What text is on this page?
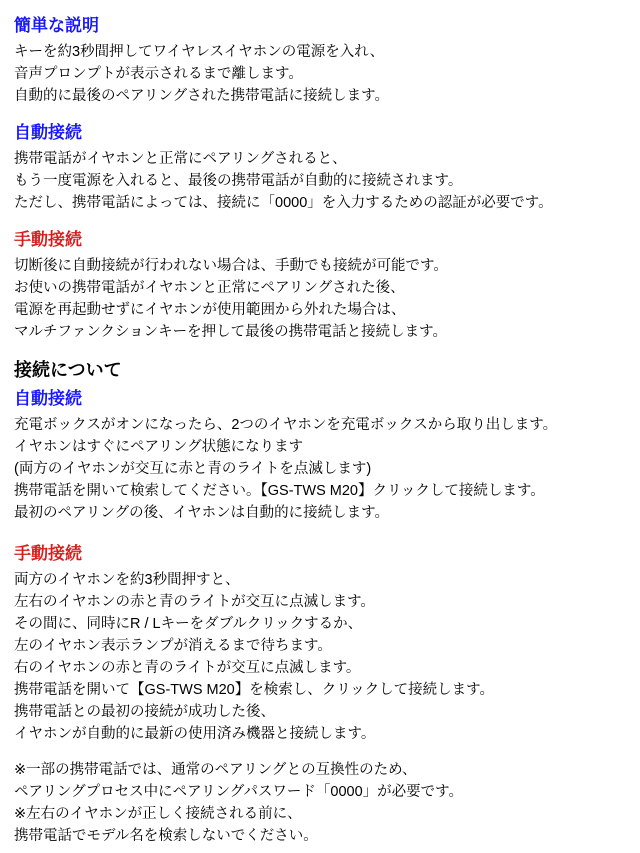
簡単な説明
キーを約3秒間押してワイヤレスイヤホンの電源を入れ、
音声プロンプトが表示されるまで離します。
自動的に最後のペアリングされた携帯電話に接続します。
自動接続
携帯電話がイヤホンと正常にペアリングされると、
もう一度電源を入れると、最後の携帯電話が自動的に接続されます。
ただし、携帯電話によっては、接続に「0000」を入力するための認証が必要です。
手動接続
切断後に自動接続が行われない場合は、手動でも接続が可能です。
お使いの携帯電話がイヤホンと正常にペアリングされた後、
電源を再起動せずにイヤホンが使用範囲から外れた場合は、
マルチファンクションキーを押して最後の携帯電話と接続します。
接続について
自動接続
充電ボックスがオンになったら、2つのイヤホンを充電ボックスから取り出します。
イヤホンはすぐにペアリング状態になります
(両方のイヤホンが交互に赤と青のライトを点滅します)
携帯電話を開いて検索してください。【GS-TWS M20】クリックして接続します。
最初のペアリングの後、イヤホンは自動的に接続します。
手動接続
両方のイヤホンを約3秒間押すと、
左右のイヤホンの赤と青のライトが交互に点滅します。
その間に、同時にR / Lキーをダブルクリックするか、
左のイヤホン表示ランプが消えるまで待ちます。
右のイヤホンの赤と青のライトが交互に点滅します。
携帯電話を開いて【GS-TWS M20】を検索し、クリックして接続します。
携帯電話との最初の接続が成功した後、
イヤホンが自動的に最新の使用済み機器と接続します。
※一部の携帯電話では、通常のペアリングとの互換性のため、
ペアリングプロセス中にペアリングパスワード「0000」が必要です。
※左右のイヤホンが正しく接続される前に、
携帯電話でモデル名を検索しないでください。
